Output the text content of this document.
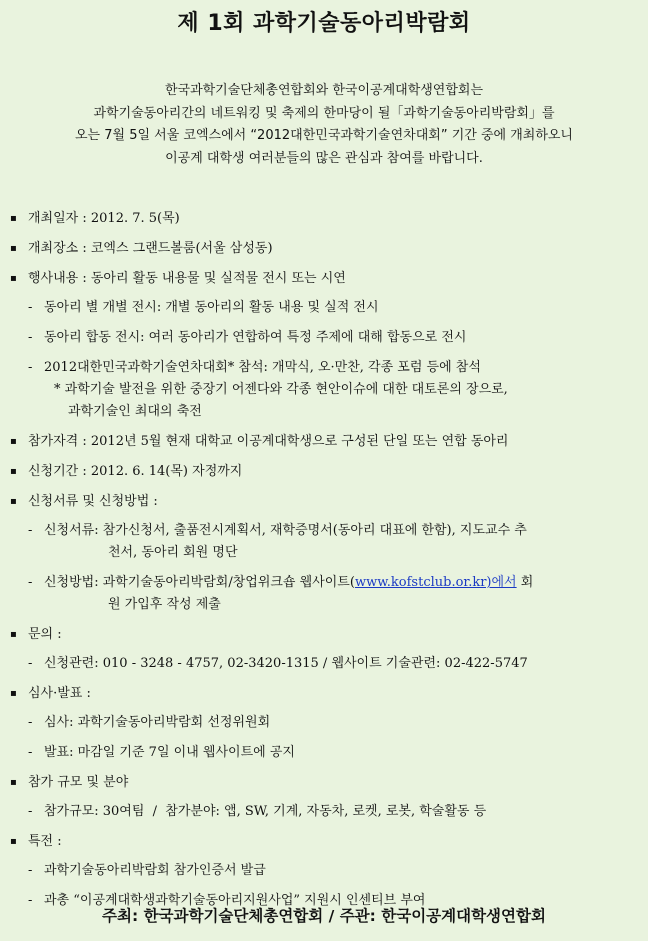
제 1회 과학기술동아리박람회
한국과학기술단체총연합회와 한국이공계대학생연합회는
과학기술동아리간의 네트워킹 및 축제의 한마당이 될「과학기술동아리박람회」를
오는 7월 5일 서울 코엑스에서 “2012대한민국과학기술연차대회” 기간 중에 개최하오니
이공계 대학생 여러분들의 많은 관심과 참여를 바랍니다.
▪ 개최일자 : 2012. 7. 5(목)
▪ 개최장소 : 코엑스 그랜드볼룸(서울 삼성동)
▪ 행사내용 : 동아리 활동 내용물 및 실적물 전시 또는 시연
- 동아리 별 개별 전시: 개별 동아리의 활동 내용 및 실적 전시
- 동아리 합동 전시: 여러 동아리가 연합하여 특정 주제에 대해 합동으로 전시
- 2012대한민국과학기술연차대회* 참석: 개막식, 오·만찬, 각종 포럼 등에 참석
* 과학기술 발전을 위한 중장기 어젠다와 각종 현안이슈에 대한 대토론의 장으로,
과학기술인 최대의 축전
▪ 참가자격 : 2012년 5월 현재 대학교 이공계대학생으로 구성된 단일 또는 연합 동아리
▪ 신청기간 : 2012. 6. 14(목) 자정까지
▪ 신청서류 및 신청방법 :
- 신청서류: 참가신청서, 출품전시계획서, 재학증명서(동아리 대표에 한함), 지도교수 추
천서, 동아리 회원 명단
- 신청방법: 과학기술동아리박람회/창업위크숍 웹사이트(www.kofstclub.or.kr)에서 회
원 가입후 작성 제출
▪ 문의 :
- 신청관련: 010 - 3248 - 4757, 02-3420-1315 / 웹사이트 기술관련: 02-422-5747
▪ 심사·발표 :
- 심사: 과학기술동아리박람회 선정위원회
- 발표: 마감일 기준 7일 이내 웹사이트에 공지
▪ 참가 규모 및 분야
- 참가규모: 30여팀  /  참가분야: 앱, SW, 기계, 자동차, 로켓, 로봇, 학술활동 등
▪ 특전 :
- 과학기술동아리박람회 참가인증서 발급
- 과총 “이공계대학생과학기술동아리지원사업” 지원시 인센티브 부여
주최: 한국과학기술단체총연합회 / 주관: 한국이공계대학생연합회
